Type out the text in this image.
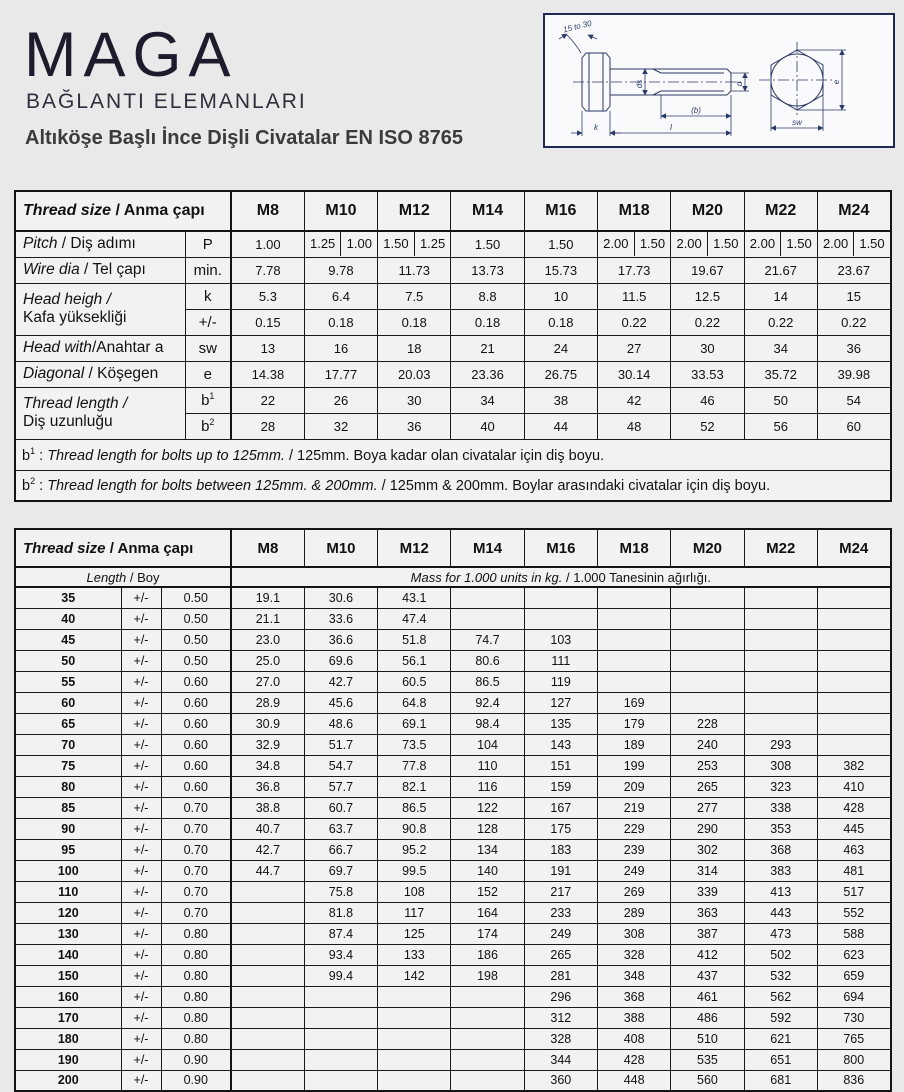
MAGA
BAĞLANTI ELEMANLARI
Altıköşe Başlı İnce Dişli Civatalar EN ISO 8765
15 to 30
ds	d
(b)
l
k
e
sw
Thread size / Anma çapı		M8	M10	M12	M14	M16	M18	M20	M22	M24
Pitch / Diş adımı	P	1.00	1.25 1.00	1.50 1.25	1.50	1.50	2.00 1.50	2.00 1.50	2.00 1.50	2.00 1.50

Wire dia / Tel çapı	min.	7.78	9.78	11.73	13.73	15.73	17.73	19.67	21.67	23.67
Head heigh /
Kafa yüksekliği	k	5.3	6.4	7.5	8.8	10	11.5	12.5	14	15
	+/-	0.15	0.18	0.18	0.18	0.18	0.22	0.22	0.22	0.22
Head with/Anahtar a	sw	13	16	18	21	24	27	30	34	36
Diagonal / Köşegen	e	14.38	17.77	20.03	23.36	26.75	30.14	33.53	35.72	39.98
Thread length /
Diş uzunluğu	$b^1$	22	26	30	34	38	42	46	50	54
	$b^2$	28	32	36	40	44	48	52	56	60
$b^1$ : Thread length for bolts up to 125mm. / 125mm. Boya kadar olan civatalar için diş boyu.										
$b^2$ : Thread length for bolts between 125mm. & 200mm. / 125mm & 200mm. Boylar arasındaki civatalar için diş boyu.										
Thread size / Anma çapı			M8	M10	M12	M14	M16	M18	M20	M22	M24
Length / Boy			Mass for 1.000 units in kg. / 1.000 Tanesinin ağırlığı.								
35	+/-	0.50	19.1	30.6	43.1						
40	+/-	0.50	21.1	33.6	47.4						
45	+/-	0.50	23.0	36.6	51.8	74.7	103				
50	+/-	0.50	25.0	69.6	56.1	80.6	111				
55	+/-	0.60	27.0	42.7	60.5	86.5	119				
60	+/-	0.60	28.9	45.6	64.8	92.4	127	169			
65	+/-	0.60	30.9	48.6	69.1	98.4	135	179	228		
70	+/-	0.60	32.9	51.7	73.5	104	143	189	240	293	
75	+/-	0.60	34.8	54.7	77.8	110	151	199	253	308	382
80	+/-	0.60	36.8	57.7	82.1	116	159	209	265	323	410
85	+/-	0.70	38.8	60.7	86.5	122	167	219	277	338	428
90	+/-	0.70	40.7	63.7	90.8	128	175	229	290	353	445
95	+/-	0.70	42.7	66.7	95.2	134	183	239	302	368	463
100	+/-	0.70	44.7	69.7	99.5	140	191	249	314	383	481
110	+/-	0.70		75.8	108	152	217	269	339	413	517
120	+/-	0.70		81.8	117	164	233	289	363	443	552
130	+/-	0.80		87.4	125	174	249	308	387	473	588
140	+/-	0.80		93.4	133	186	265	328	412	502	623
150	+/-	0.80		99.4	142	198	281	348	437	532	659
160	+/-	0.80					296	368	461	562	694
170	+/-	0.80					312	388	486	592	730
180	+/-	0.80					328	408	510	621	765
190	+/-	0.90					344	428	535	651	800
200	+/-	0.90					360	448	560	681	836
